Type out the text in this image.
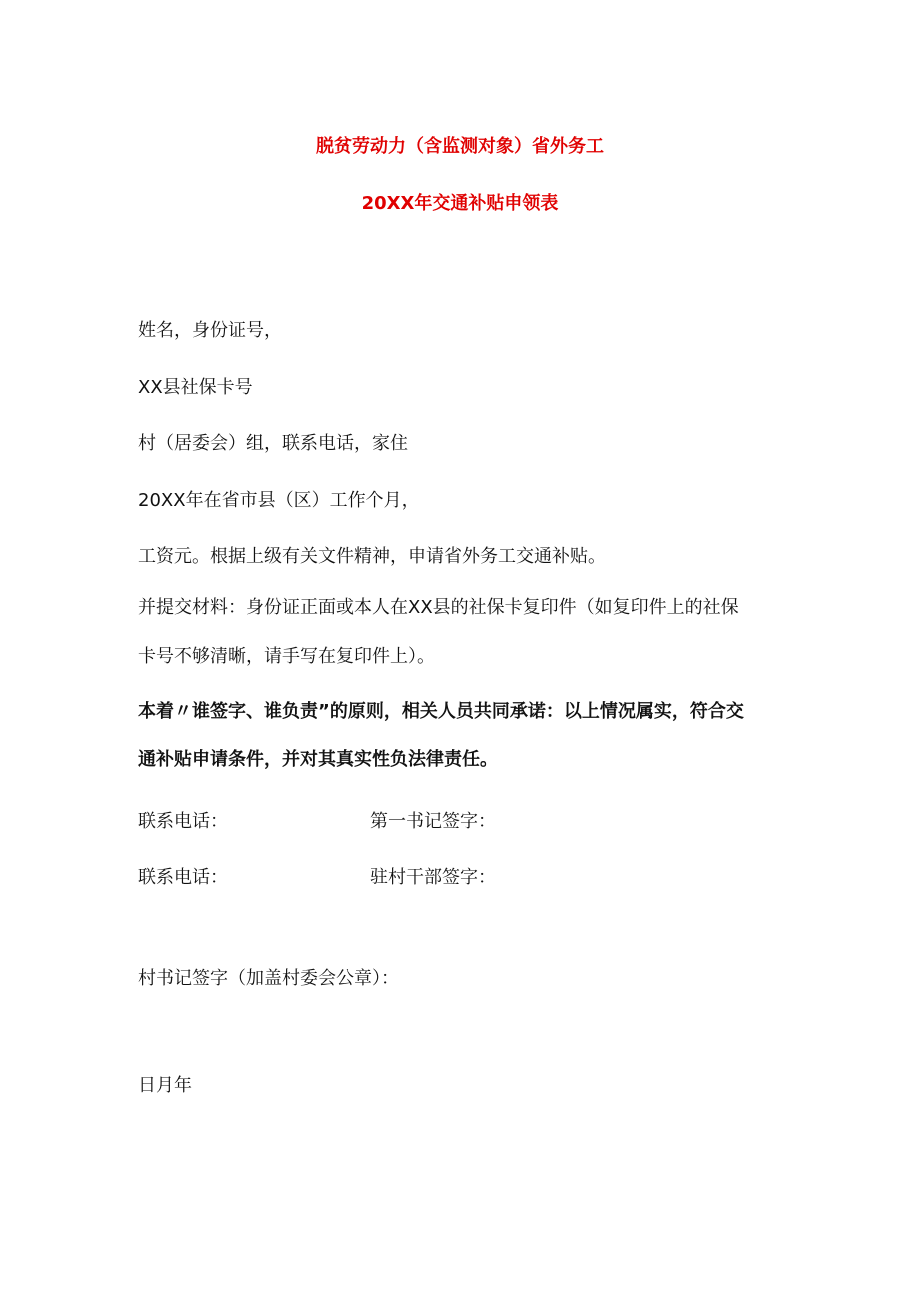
脱贫劳动力（含监测对象）省外务工
20XX年交通补贴申领表
姓名，身份证号，
XX县社保卡号
村（居委会）组，联系电话，家住
20XX年在省市县（区）工作个月，
工资元。根据上级有关文件精神，申请省外务工交通补贴。
并提交材料：身份证正面或本人在XX县的社保卡复印件（如复印件上的社保
卡号不够清晰，请手写在复印件上）。
本着〃谁签字、谁负责”的原则，相关人员共同承诺：以上情况属实，符合交
通补贴申请条件，并对其真实性负法律责任。
联系电话：	第一书记签字：
联系电话：	驻村干部签字：
村书记签字（加盖村委会公章）：
日月年
